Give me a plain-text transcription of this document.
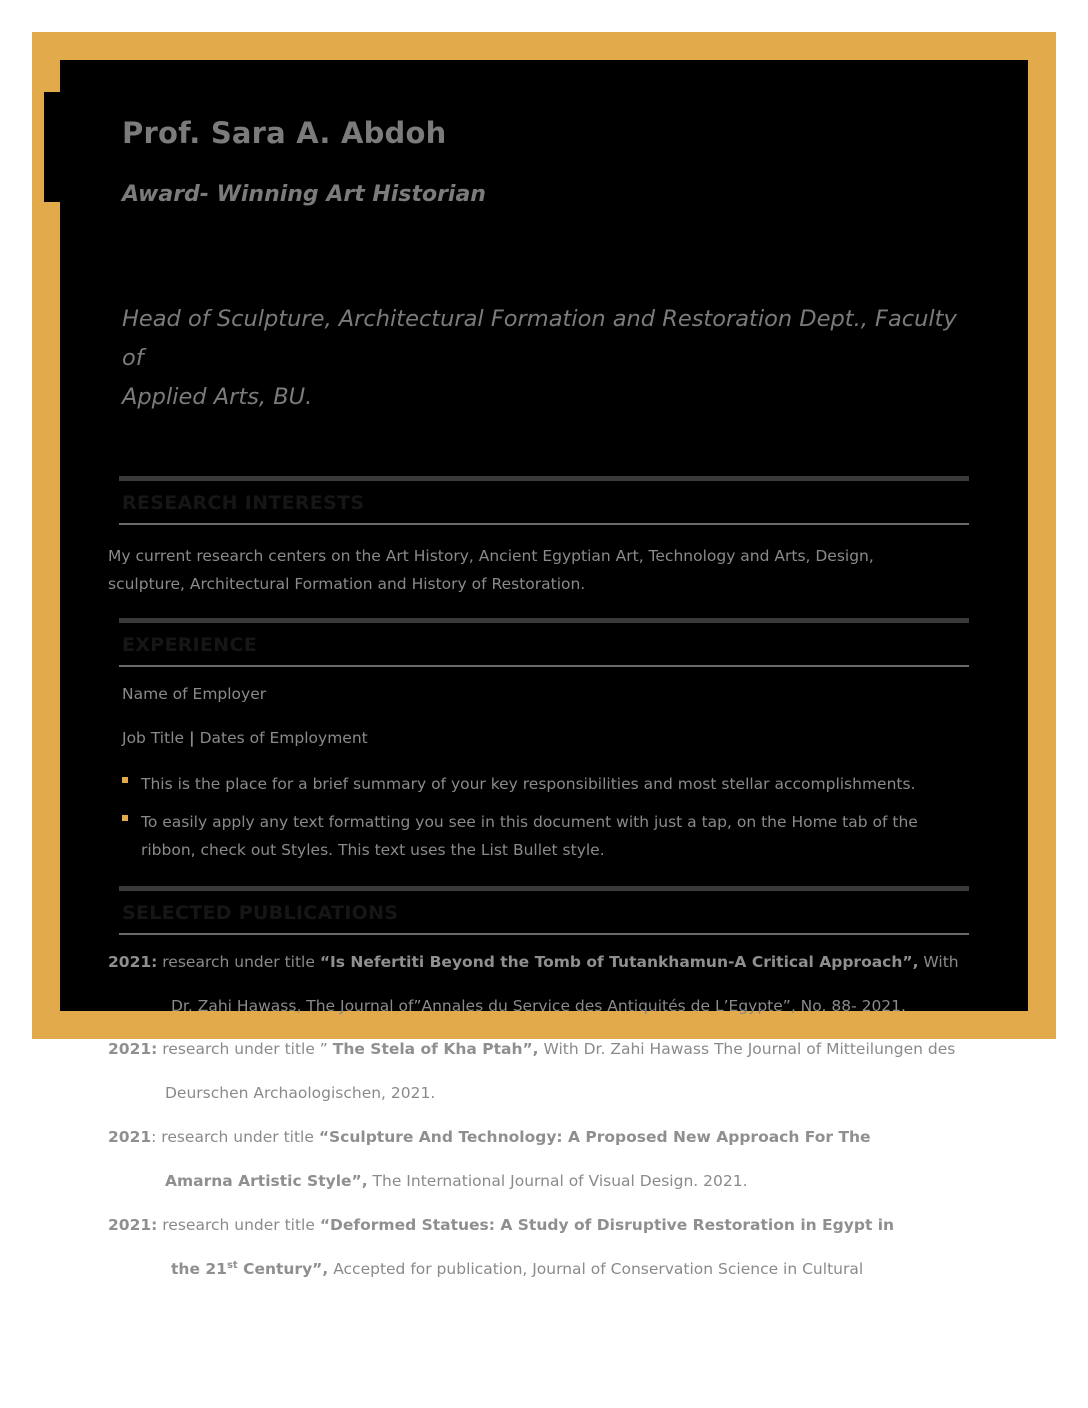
Prof. Sara A. Abdoh
Award- Winning Art Historian

Head of Sculpture, Architectural Formation and Restoration Dept., Faculty of
Applied Arts, BU.

RESEARCH INTERESTS

My current research centers on the Art History, Ancient Egyptian Art, Technology and Arts, Design,
sculpture, Architectural Formation and History of Restoration.

EXPERIENCE

Name of Employer

Job Title | Dates of Employment

This is the place for a brief summary of your key responsibilities and most stellar accomplishments.

To easily apply any text formatting you see in this document with just a tap, on the Home tab of the
ribbon, check out Styles. This text uses the List Bullet style.

SELECTED PUBLICATIONS

2021: research under title “Is Nefertiti Beyond the Tomb of Tutankhamun-A Critical Approach”, With

Dr. Zahi Hawass, The Journal of”Annales du Service des Antiquités de L’Egypte”, No. 88- 2021.

2021: research under title ” The Stela of Kha Ptah”, With Dr. Zahi Hawass The Journal of Mitteilungen des

Deurschen Archaologischen, 2021.

2021: research under title “Sculpture And Technology: A Proposed New Approach For The

Amarna Artistic Style”, The International Journal of Visual Design. 2021.

2021: research under title “Deformed Statues: A Study of Disruptive Restoration in Egypt in

the 21st Century”, Accepted for publication, Journal of Conservation Science in Cultural
